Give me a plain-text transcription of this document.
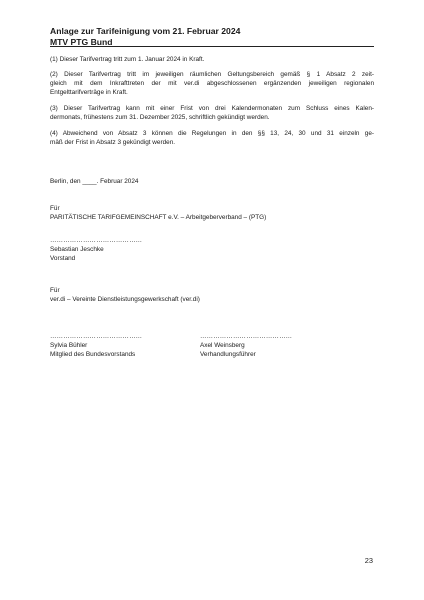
Anlage zur Tarifeinigung vom 21. Februar 2024
MTV PTG Bund
(1) Dieser Tarifvertrag tritt zum 1. Januar 2024 in Kraft.
(2) Dieser Tarifvertrag tritt im jeweiligen räumlichen Geltungsbereich gemäß § 1 Absatz 2 zeit-
gleich mit dem Inkrafttreten der mit ver.di abgeschlossenen ergänzenden jeweiligen regionalen
Entgelttarifverträge in Kraft.
(3) Dieser Tarifvertrag kann mit einer Frist von drei Kalendermonaten zum Schluss eines Kalen-
dermonats, frühestens zum 31. Dezember 2025, schriftlich gekündigt werden.
(4) Abweichend von Absatz 3 können die Regelungen in den §§ 13, 24, 30 und 31 einzeln ge-
mäß der Frist in Absatz 3 gekündigt werden.
Berlin, den ____. Februar 2024
Für
PARITÄTISCHE TARIFGEMEINSCHAFT e.V. – Arbeitgeberverband – (PTG)
……………………………………
Sebastian Jeschke
Vorstand
Für
ver.di – Vereinte Dienstleistungsgewerkschaft (ver.di)
……………………………………
Sylvia Bühler
Mitglied des Bundesvorstands
……………………………………
Axel Weinsberg
Verhandlungsführer
23
